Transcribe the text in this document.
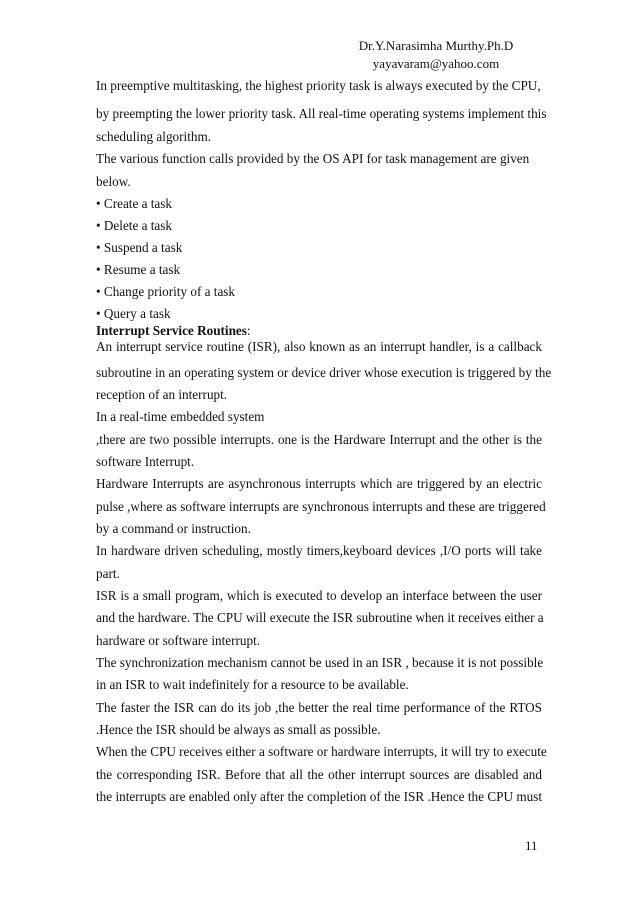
Dr.Y.Narasimha Murthy.Ph.D
yayavaram@yahoo.com
In preemptive multitasking, the highest priority task is always executed by the CPU,
by preempting the lower priority task. All real-time operating systems implement this
scheduling algorithm.
The various function calls provided by the OS API for task management are given
below.
• Create a task
• Delete a task
• Suspend a task
• Resume a task
• Change priority of a task
• Query a task
Interrupt Service Routines:
An interrupt service routine (ISR), also known as an interrupt handler, is a callback
subroutine in an operating system or device driver whose execution is triggered by the
reception of an interrupt.
In a real-time embedded system
,there are two possible interrupts. one is the Hardware Interrupt and the other is the
software Interrupt.
Hardware Interrupts are asynchronous interrupts which are triggered by an electric
pulse ,where as software interrupts are synchronous interrupts and these are triggered
by a command or instruction.
In hardware driven scheduling, mostly timers,keyboard devices ,I/O ports will take
part.
ISR is a small program, which is executed to develop an interface between the user
and the hardware. The CPU will execute the ISR subroutine when it receives either a
hardware or software interrupt.
The synchronization mechanism cannot be used in an ISR , because it is not possible
in an ISR to wait indefinitely for a resource to be available.
The faster the ISR can do its job ,the better the real time performance of the RTOS
.Hence the ISR should be always as small as possible.
When the CPU receives either a software or hardware interrupts, it will try to execute
the corresponding ISR. Before that all the other interrupt sources are disabled and
the interrupts are enabled only after the completion of the ISR .Hence the CPU must
11
